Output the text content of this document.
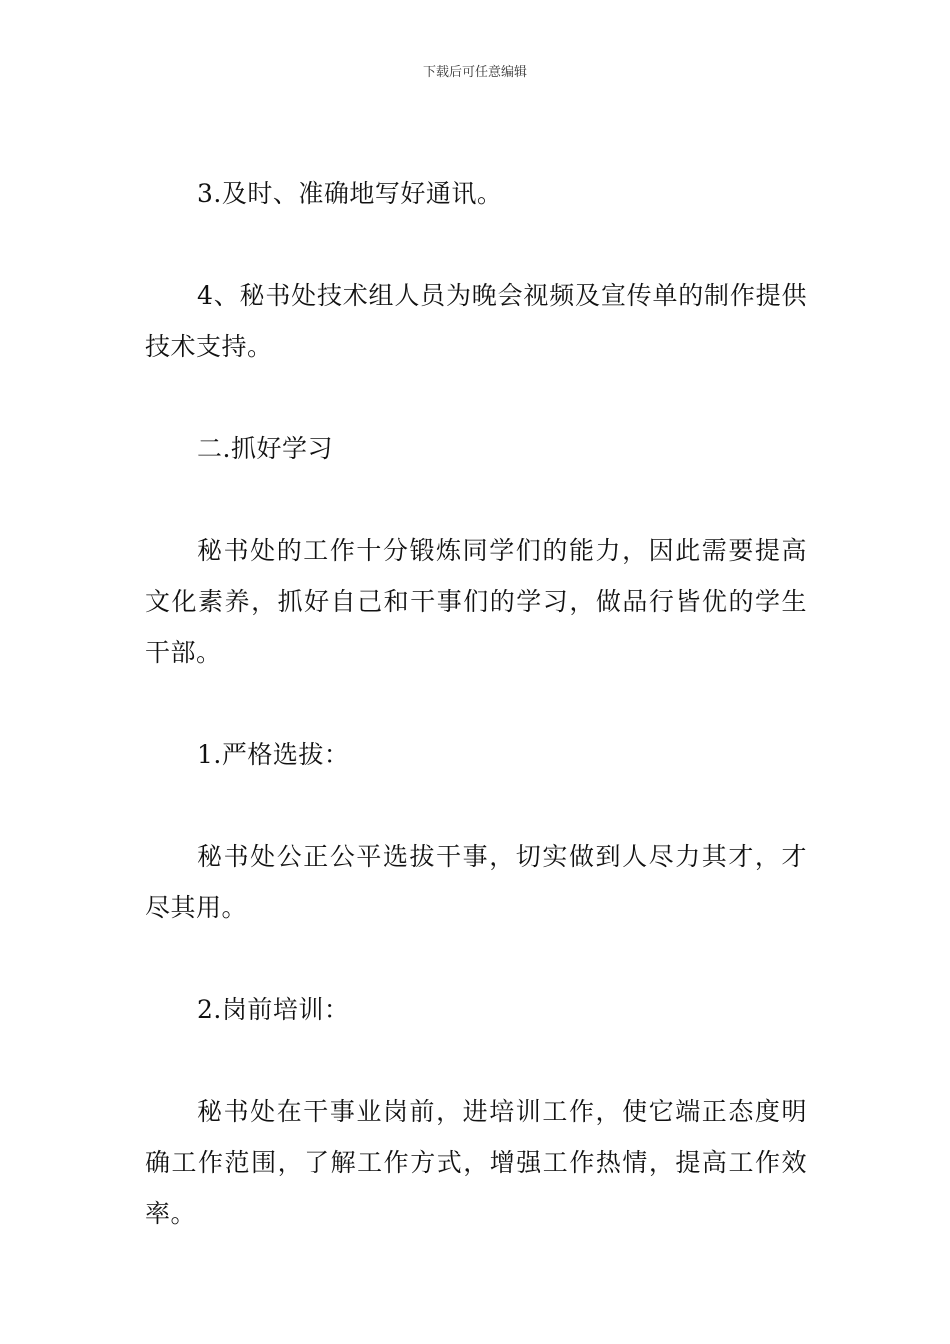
下载后可任意编辑

3.及时、准确地写好通讯。

4、秘书处技术组人员为晚会视频及宣传单的制作提供技术支持。

二.抓好学习

秘书处的工作十分锻炼同学们的能力，因此需要提高文化素养，抓好自己和干事们的学习，做品行皆优的学生干部。

1.严格选拔：

秘书处公正公平选拔干事，切实做到人尽力其才，才尽其用。

2.岗前培训：

秘书处在干事业岗前，进培训工作，使它端正态度明确工作范围，了解工作方式，增强工作热情，提高工作效率。
